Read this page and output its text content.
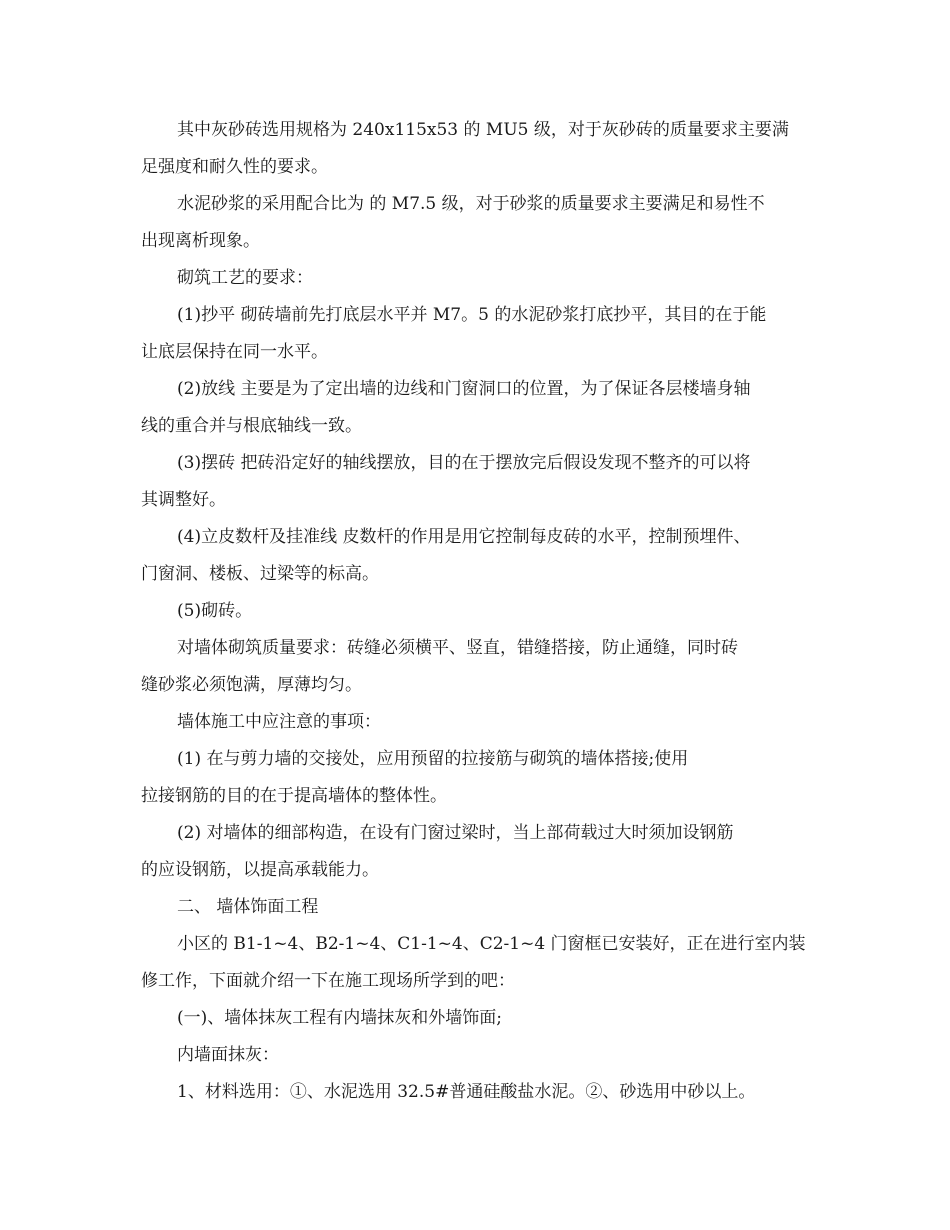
其中灰砂砖选用规格为 240x115x53 的 MU5 级，对于灰砂砖的质量要求主要满
足强度和耐久性的要求。

水泥砂浆的采用配合比为 的 M7.5 级，对于砂浆的质量要求主要满足和易性不
出现离析现象。

砌筑工艺的要求：

(1)抄平 砌砖墙前先打底层水平并 M7。5 的水泥砂浆打底抄平，其目的在于能
让底层保持在同一水平。

(2)放线 主要是为了定出墙的边线和门窗洞口的位置，为了保证各层楼墙身轴
线的重合并与根底轴线一致。

(3)摆砖 把砖沿定好的轴线摆放，目的在于摆放完后假设发现不整齐的可以将
其调整好。

(4)立皮数杆及挂准线 皮数杆的作用是用它控制每皮砖的水平，控制预埋件、
门窗洞、楼板、过梁等的标高。

(5)砌砖。

对墙体砌筑质量要求：砖缝必须横平、竖直，错缝搭接，防止通缝，同时砖
缝砂浆必须饱满，厚薄均匀。

墙体施工中应注意的事项：

(1) 在与剪力墙的交接处，应用预留的拉接筋与砌筑的墙体搭接;使用
拉接钢筋的目的在于提高墙体的整体性。

(2) 对墙体的细部构造，在设有门窗过梁时，当上部荷载过大时须加设钢筋
的应设钢筋，以提高承载能力。

二、 墙体饰面工程

小区的 B1-1~4、B2-1~4、C1-1~4、C2-1~4 门窗框已安装好，正在进行室内装
修工作，下面就介绍一下在施工现场所学到的吧：

(一)、墙体抹灰工程有内墙抹灰和外墙饰面;

内墙面抹灰：

1、材料选用：①、水泥选用 32.5#普通硅酸盐水泥。②、砂选用中砂以上。
